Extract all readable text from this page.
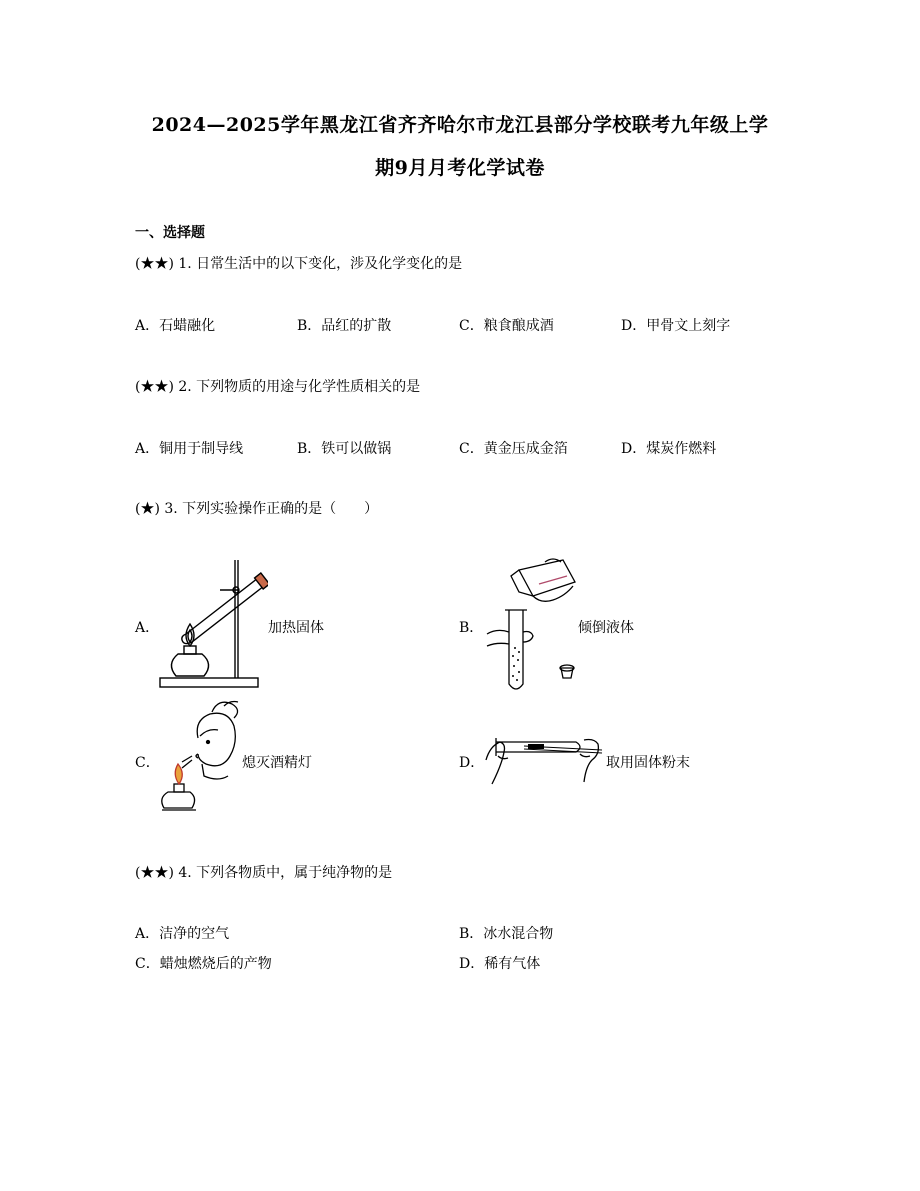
2024—2025学年黑龙江省齐齐哈尔市龙江县部分学校联考九年级上学
期9月月考化学试卷
一、选择题
(★★) 1. 日常生活中的以下变化，涉及化学变化的是
A．石蜡融化	B．品红的扩散	C．粮食酿成酒	D．甲骨文上刻字
(★★) 2. 下列物质的用途与化学性质相关的是
A．铜用于制导线	B．铁可以做锅	C．黄金压成金箔	D．煤炭作燃料
(★) 3. 下列实验操作正确的是（　　）
A．	加热固体	B．	倾倒液体
C．	熄灭酒精灯	D．	取用固体粉末
(★★) 4. 下列各物质中，属于纯净物的是
A．洁净的空气	B．冰水混合物
C．蜡烛燃烧后的产物	D．稀有气体
